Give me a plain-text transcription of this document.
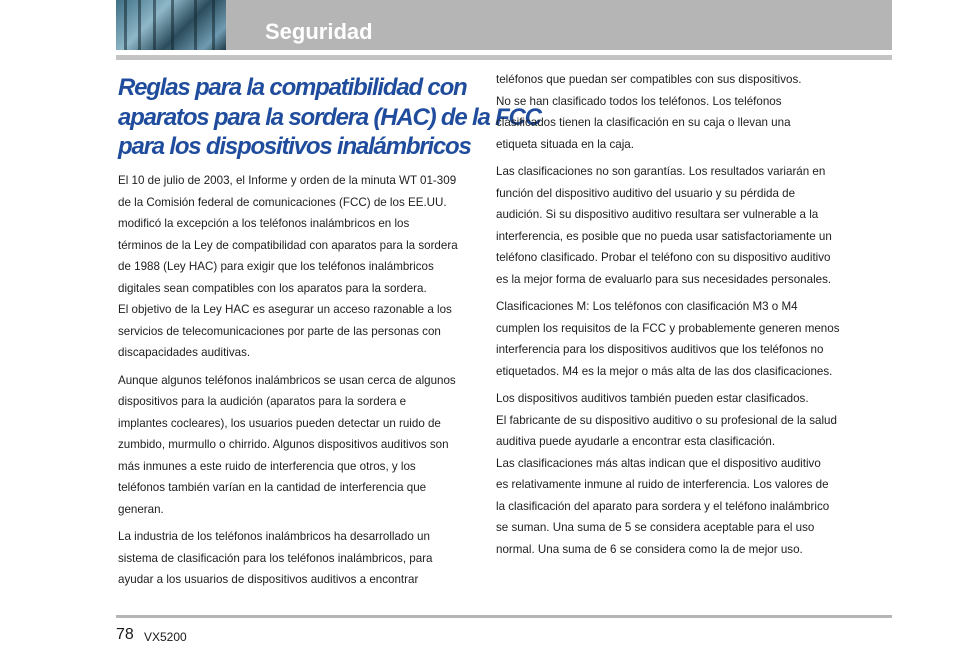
Seguridad
Reglas para la compatibilidad con
aparatos para la sordera (HAC) de la FCC
para los dispositivos inalámbricos

El 10 de julio de 2003, el Informe y orden de la minuta WT 01-309
de la Comisión federal de comunicaciones (FCC) de los EE.UU.
modificó la excepción a los teléfonos inalámbricos en los
términos de la Ley de compatibilidad con aparatos para la sordera
de 1988 (Ley HAC) para exigir que los teléfonos inalámbricos
digitales sean compatibles con los aparatos para la sordera.
El objetivo de la Ley HAC es asegurar un acceso razonable a los
servicios de telecomunicaciones por parte de las personas con
discapacidades auditivas.

Aunque algunos teléfonos inalámbricos se usan cerca de algunos
dispositivos para la audición (aparatos para la sordera e
implantes cocleares), los usuarios pueden detectar un ruido de
zumbido, murmullo o chirrido. Algunos dispositivos auditivos son
más inmunes a este ruido de interferencia que otros, y los
teléfonos también varían en la cantidad de interferencia que
generan.

La industria de los teléfonos inalámbricos ha desarrollado un
sistema de clasificación para los teléfonos inalámbricos, para
ayudar a los usuarios de dispositivos auditivos a encontrar

teléfonos que puedan ser compatibles con sus dispositivos.
No se han clasificado todos los teléfonos. Los teléfonos
clasificados tienen la clasificación en su caja o llevan una
etiqueta situada en la caja.

Las clasificaciones no son garantías. Los resultados variarán en
función del dispositivo auditivo del usuario y su pérdida de
audición. Si su dispositivo auditivo resultara ser vulnerable a la
interferencia, es posible que no pueda usar satisfactoriamente un
teléfono clasificado. Probar el teléfono con su dispositivo auditivo
es la mejor forma de evaluarlo para sus necesidades personales.

Clasificaciones M: Los teléfonos con clasificación M3 o M4
cumplen los requisitos de la FCC y probablemente generen menos
interferencia para los dispositivos auditivos que los teléfonos no
etiquetados. M4 es la mejor o más alta de las dos clasificaciones.

Los dispositivos auditivos también pueden estar clasificados.
El fabricante de su dispositivo auditivo o su profesional de la salud
auditiva puede ayudarle a encontrar esta clasificación.
Las clasificaciones más altas indican que el dispositivo auditivo
es relativamente inmune al ruido de interferencia. Los valores de
la clasificación del aparato para sordera y el teléfono inalámbrico
se suman. Una suma de 5 se considera aceptable para el uso
normal. Una suma de 6 se considera como la de mejor uso.

78 VX5200
